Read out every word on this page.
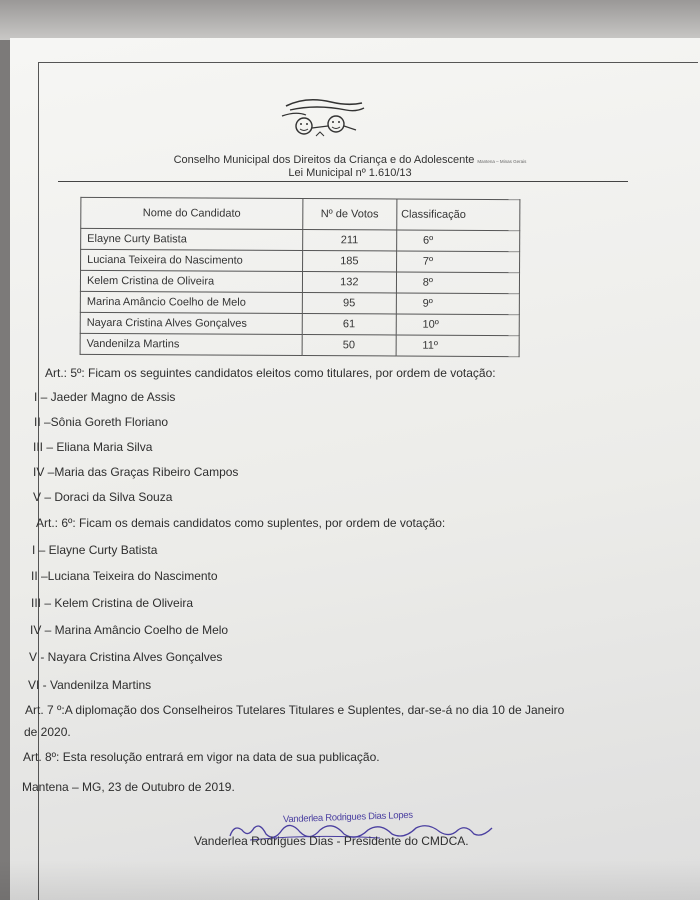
Conselho Municipal dos Direitos da Criança e do Adolescente Mantena – Minas Gerais
Lei Municipal nº 1.610/13
Nome do Candidato	Nº de Votos	Classificação
Elayne Curty Batista	211	6º
Luciana Teixeira do Nascimento	185	7º
Kelem Cristina de Oliveira	132	8º
Marina Amâncio Coelho de Melo	95	9º
Nayara Cristina Alves Gonçalves	61	10º
Vandenilza Martins	50	11º
Art.: 5º: Ficam os seguintes candidatos eleitos como titulares, por ordem de votação:
I – Jaeder Magno de Assis
II –Sônia Goreth Floriano
III – Eliana Maria Silva
IV –Maria das Graças Ribeiro Campos
V – Doraci da Silva Souza
Art.: 6º: Ficam os demais candidatos como suplentes, por ordem de votação:
I – Elayne Curty Batista
II –Luciana Teixeira do Nascimento
III – Kelem Cristina de Oliveira
IV – Marina Amâncio Coelho de Melo
V - Nayara Cristina Alves Gonçalves
VI - Vandenilza Martins
Art. 7 º:A diplomação dos Conselheiros Tutelares Titulares e Suplentes, dar-se-á no dia 10 de Janeiro
de 2020.
Art. 8º: Esta resolução entrará em vigor na data de sua publicação.
Mantena – MG, 23 de Outubro de 2019.
Vanderlea Rodrigues Dias Lopes
Vanderlea Rodrigues Dias - Presidente do CMDCA.
